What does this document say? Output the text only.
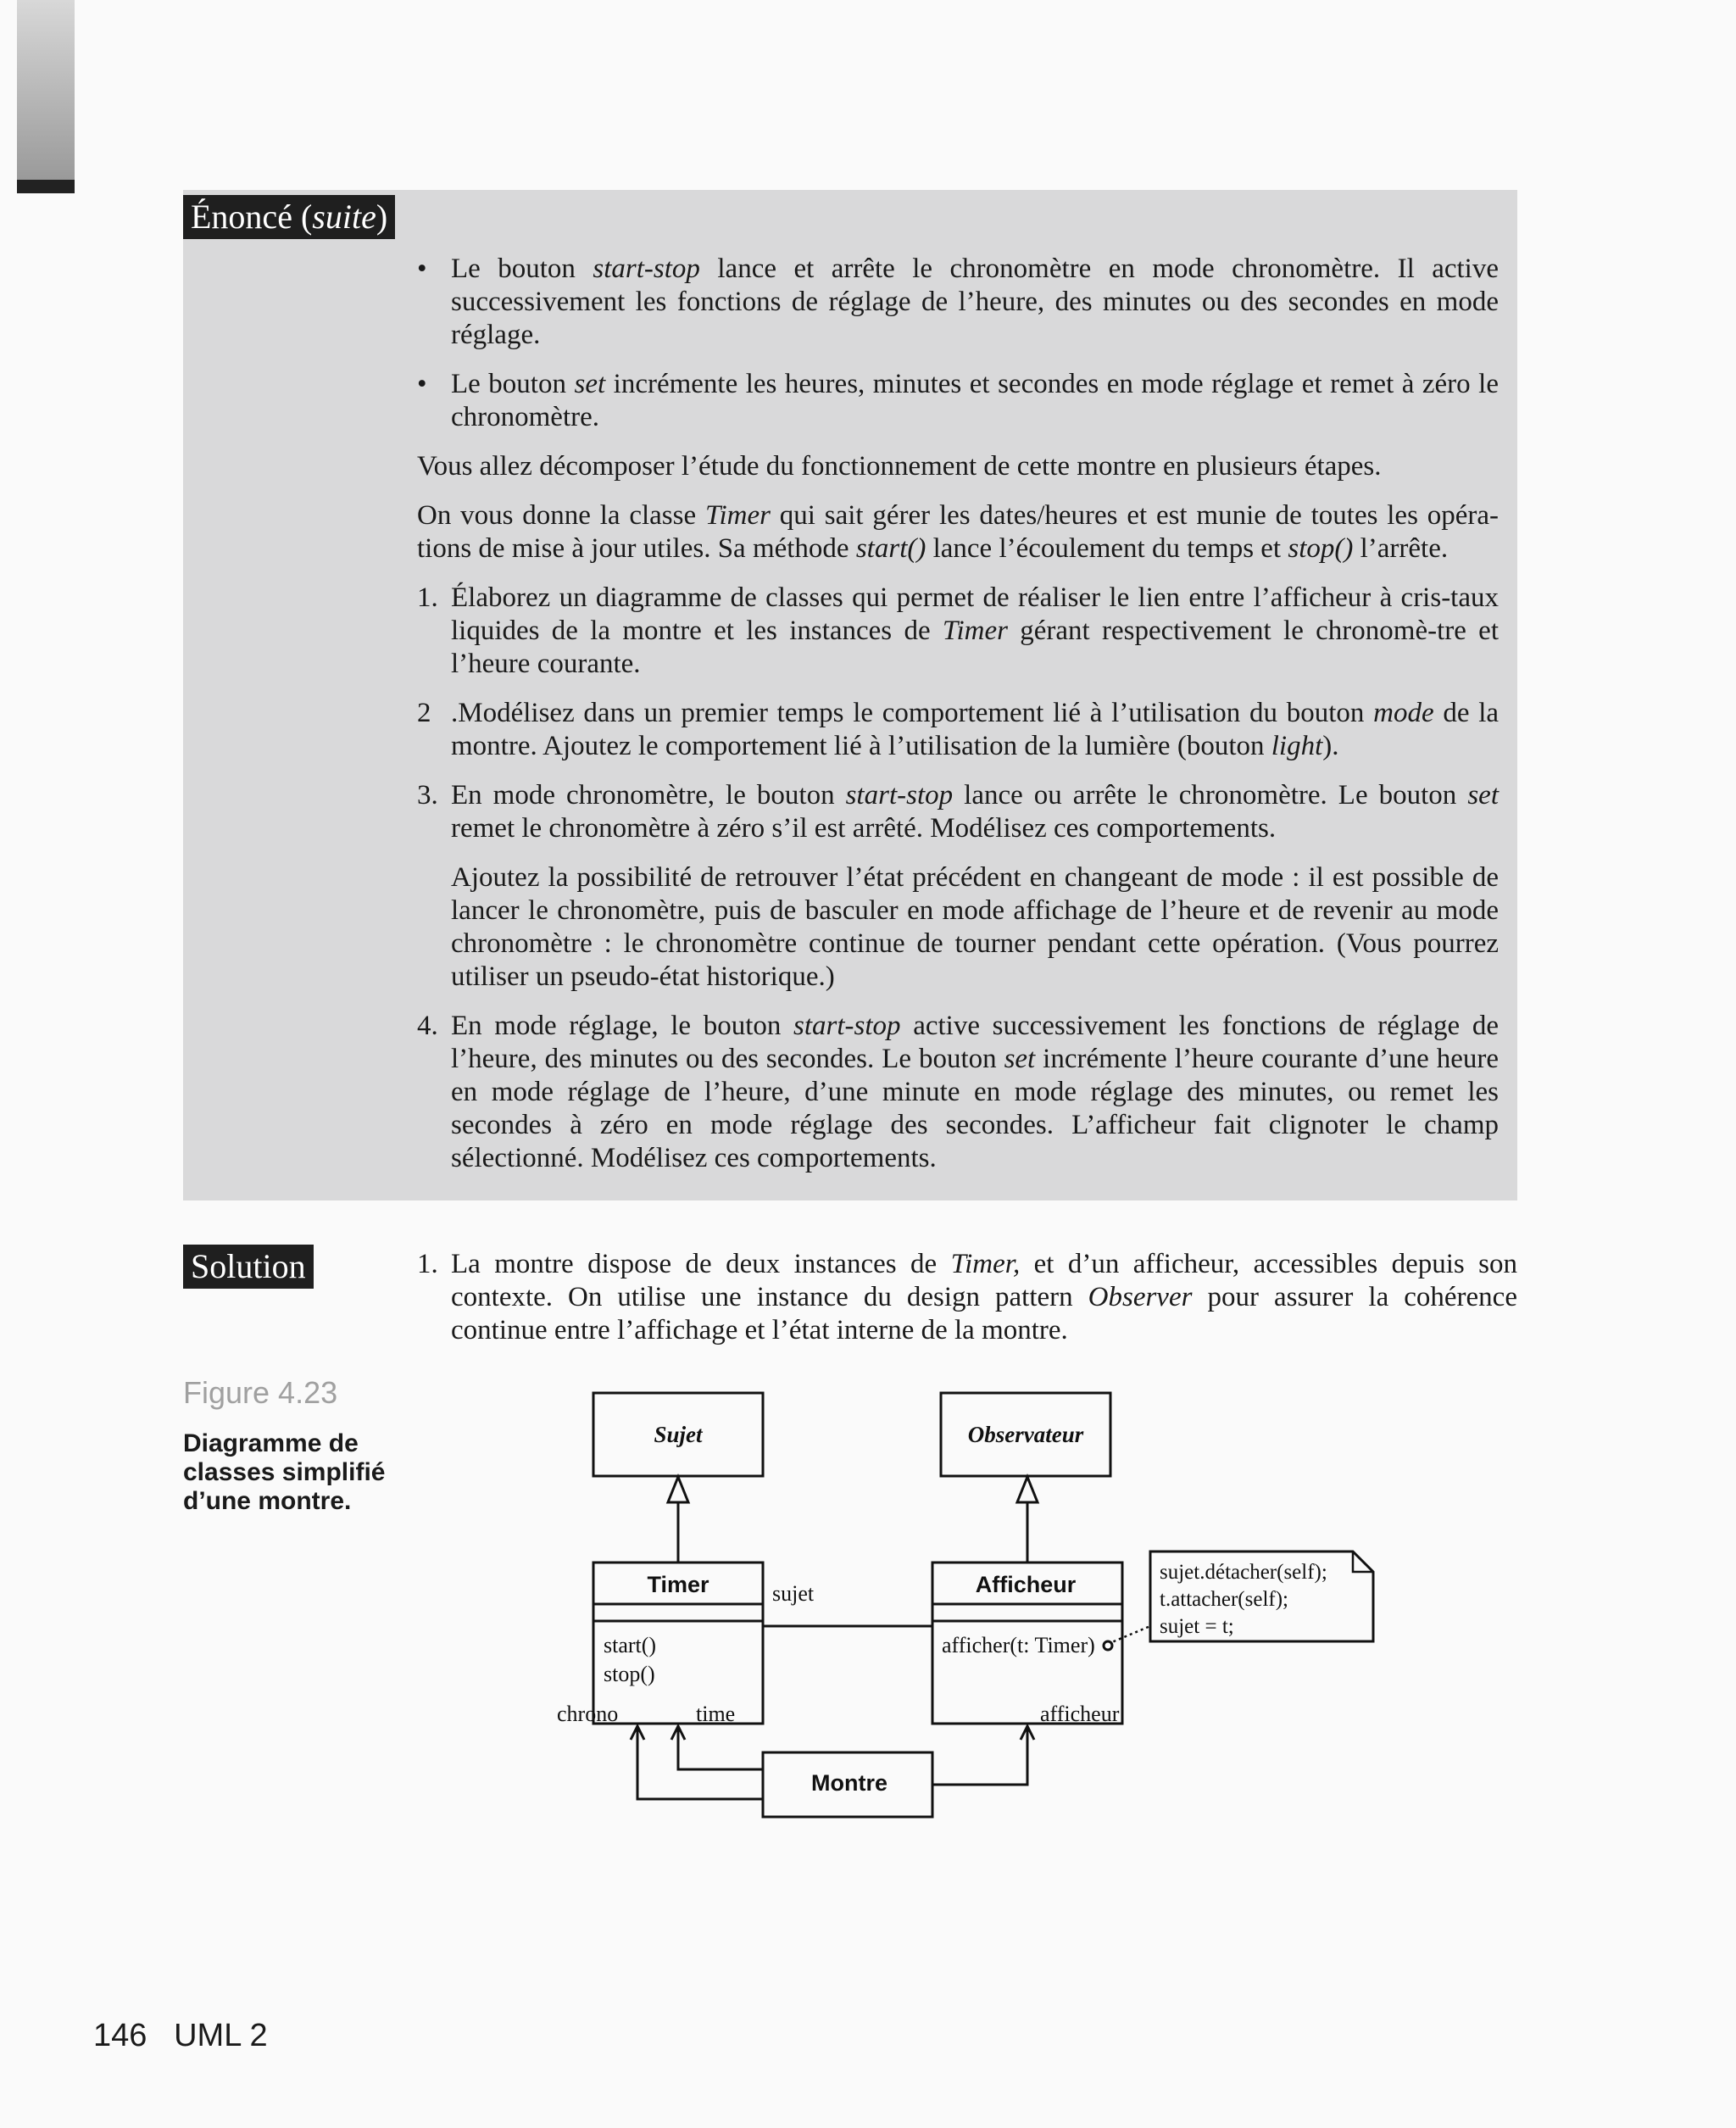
Énoncé (suite)
• Le bouton start-stop lance et arrête le chronomètre en mode chronomètre. Il active successivement les fonctions de réglage de l’heure, des minutes ou des secondes en mode réglage.
• Le bouton set incrémente les heures, minutes et secondes en mode réglage et remet à zéro le chronomètre.

Vous allez décomposer l’étude du fonctionnement de cette montre en plusieurs étapes.

On vous donne la classe Timer qui sait gérer les dates/heures et est munie de toutes les opéra-tions de mise à jour utiles. Sa méthode start() lance l’écoulement du temps et stop() l’arrête.

1. Élaborez un diagramme de classes qui permet de réaliser le lien entre l’afficheur à cris-taux liquides de la montre et les instances de Timer gérant respectivement le chronomè-tre et l’heure courante.
2 .Modélisez dans un premier temps le comportement lié à l’utilisation du bouton mode de la montre. Ajoutez le comportement lié à l’utilisation de la lumière (bouton light).
3. En mode chronomètre, le bouton start-stop lance ou arrête le chronomètre. Le bouton set remet le chronomètre à zéro s’il est arrêté. Modélisez ces comportements.
Ajoutez la possibilité de retrouver l’état précédent en changeant de mode : il est possible de lancer le chronomètre, puis de basculer en mode affichage de l’heure et de revenir au mode chronomètre : le chronomètre continue de tourner pendant cette opération. (Vous pourrez utiliser un pseudo-état historique.)
4. En mode réglage, le bouton start-stop active successivement les fonctions de réglage de l’heure, des minutes ou des secondes. Le bouton set incrémente l’heure courante d’une heure en mode réglage de l’heure, d’une minute en mode réglage des minutes, ou remet les secondes à zéro en mode réglage des secondes. L’afficheur fait clignoter le champ sélectionné. Modélisez ces comportements.
Solution	1. La montre dispose de deux instances de Timer, et d’un afficheur, accessibles depuis son contexte. On utilise une instance du design pattern Observer pour assurer la cohérence continue entre l’affichage et l’état interne de la montre.
Figure 4.23
Diagramme de classes simplifié d’une montre.
Sujet	Observateur
Timer	Afficheur
Montre
start()
stop()
afficher(t: Timer)
sujet
chrono	time	afficheur
sujet.détacher(self);
t.attacher(self);
sujet = t;
146 UML 2
